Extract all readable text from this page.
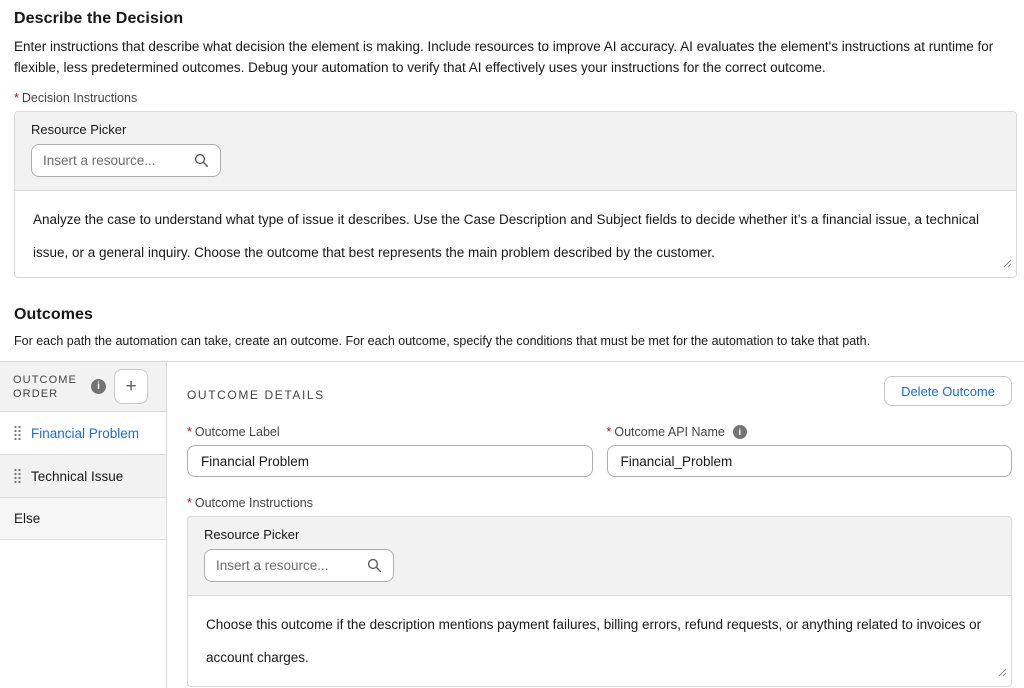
Describe the Decision
Enter instructions that describe what decision the element is making. Include resources to improve AI accuracy. AI evaluates the element's instructions at runtime for flexible, less predetermined outcomes. Debug your automation to verify that AI effectively uses your instructions for the correct outcome.
* Decision Instructions
Resource Picker
Insert a resource...
Analyze the case to understand what type of issue it describes. Use the Case Description and Subject fields to decide whether it’s a financial issue, a technical issue, or a general inquiry. Choose the outcome that best represents the main problem described by the customer.
Outcomes
For each path the automation can take, create an outcome. For each outcome, specify the conditions that must be met for the automation to take that path.
OUTCOME ORDER
i	+
Financial Problem
Technical Issue
Else
OUTCOME DETAILS	Delete Outcome
* Outcome Label
Financial Problem
* Outcome API Name	i
Financial_Problem
* Outcome Instructions
Resource Picker
Insert a resource...
Choose this outcome if the description mentions payment failures, billing errors, refund requests, or anything related to invoices or account charges.
